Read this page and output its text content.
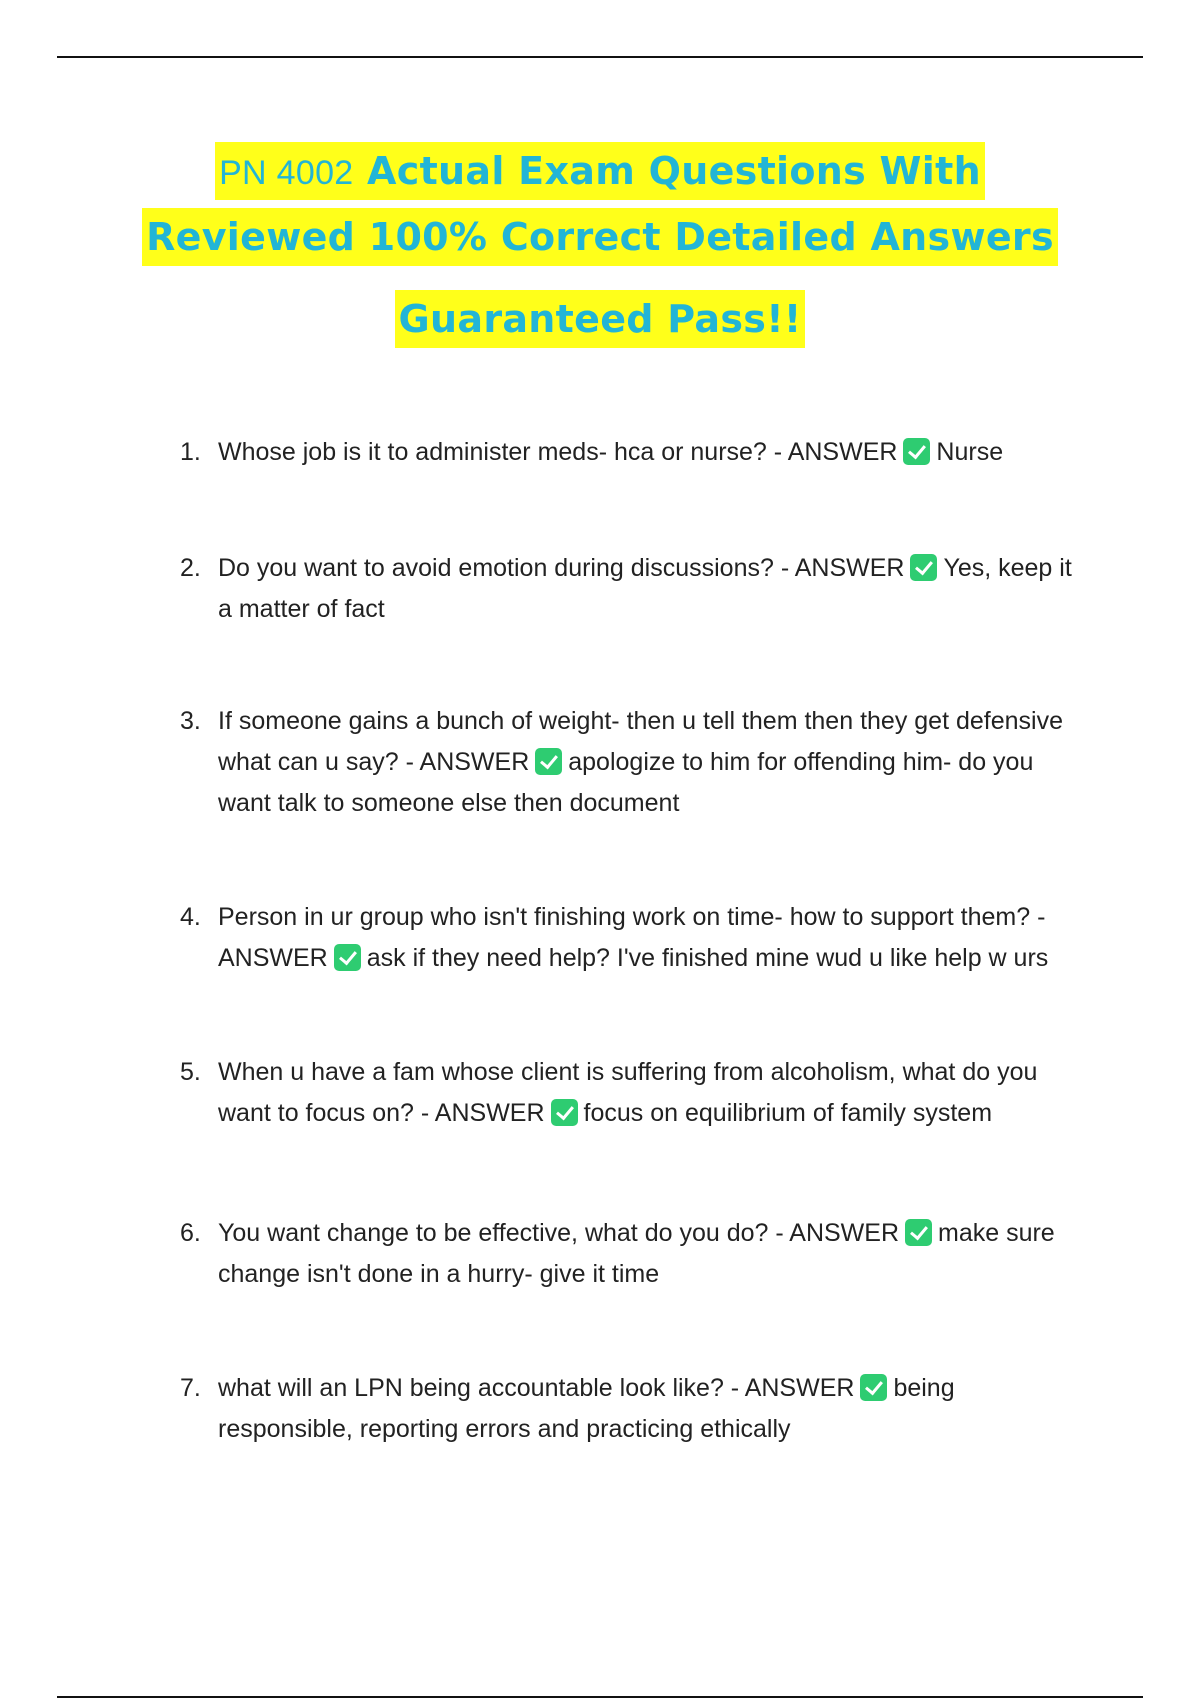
PN 4002 Actual Exam Questions With
Reviewed 100% Correct Detailed Answers
Guaranteed Pass!!
1. Whose job is it to administer meds- hca or nurse? - ANSWER Nurse
2. Do you want to avoid emotion during discussions? - ANSWER Yes, keep it a matter of fact
3. If someone gains a bunch of weight- then u tell them then they get defensive what can u say? - ANSWER apologize to him for offending him- do you want talk to someone else then document
4. Person in ur group who isn't finishing work on time- how to support them? - ANSWER ask if they need help? I've finished mine wud u like help w urs
5. When u have a fam whose client is suffering from alcoholism, what do you want to focus on? - ANSWER focus on equilibrium of family system
6. You want change to be effective, what do you do? - ANSWER make sure change isn't done in a hurry- give it time
7. what will an LPN being accountable look like? - ANSWER being responsible, reporting errors and practicing ethically
